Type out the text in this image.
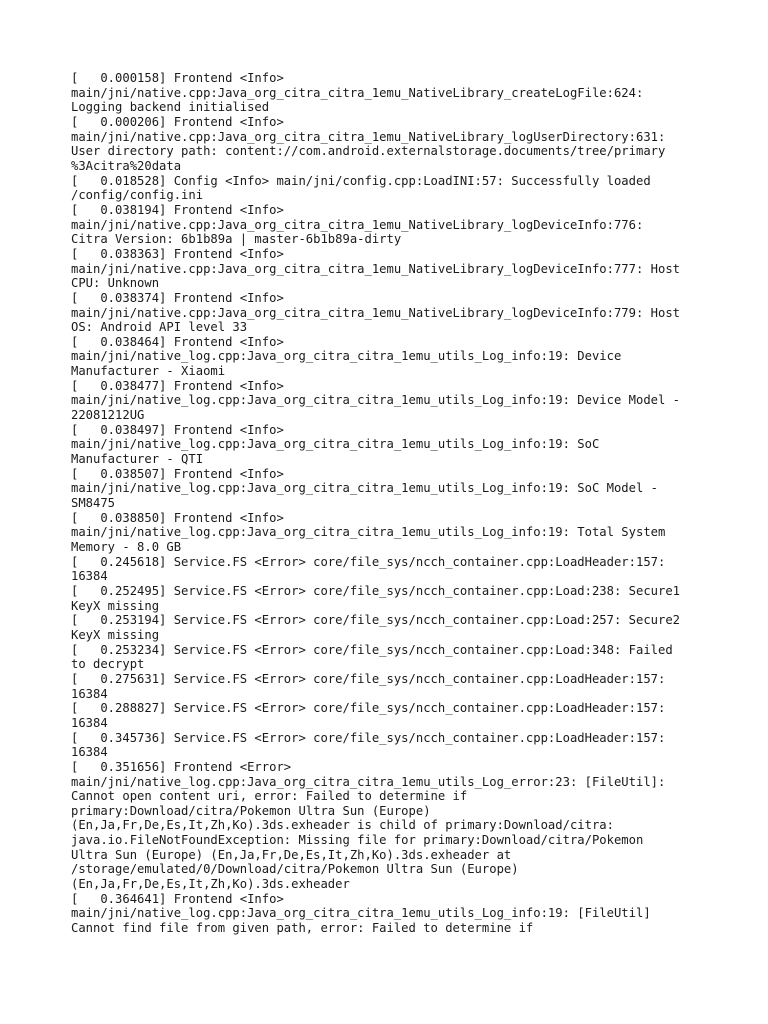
[   0.000158] Frontend <Info>

main/jni/native.cpp:Java_org_citra_citra_1emu_NativeLibrary_createLogFile:624:

Logging backend initialised

[   0.000206] Frontend <Info>

main/jni/native.cpp:Java_org_citra_citra_1emu_NativeLibrary_logUserDirectory:631:

User directory path: content://com.android.externalstorage.documents/tree/primary

%3Acitra%20data

[   0.018528] Config <Info> main/jni/config.cpp:LoadINI:57: Successfully loaded

/config/config.ini

[   0.038194] Frontend <Info>

main/jni/native.cpp:Java_org_citra_citra_1emu_NativeLibrary_logDeviceInfo:776:

Citra Version: 6b1b89a | master-6b1b89a-dirty

[   0.038363] Frontend <Info>

main/jni/native.cpp:Java_org_citra_citra_1emu_NativeLibrary_logDeviceInfo:777: Host

CPU: Unknown

[   0.038374] Frontend <Info>

main/jni/native.cpp:Java_org_citra_citra_1emu_NativeLibrary_logDeviceInfo:779: Host

OS: Android API level 33

[   0.038464] Frontend <Info>

main/jni/native_log.cpp:Java_org_citra_citra_1emu_utils_Log_info:19: Device

Manufacturer - Xiaomi

[   0.038477] Frontend <Info>

main/jni/native_log.cpp:Java_org_citra_citra_1emu_utils_Log_info:19: Device Model -

22081212UG

[   0.038497] Frontend <Info>

main/jni/native_log.cpp:Java_org_citra_citra_1emu_utils_Log_info:19: SoC

Manufacturer - QTI

[   0.038507] Frontend <Info>

main/jni/native_log.cpp:Java_org_citra_citra_1emu_utils_Log_info:19: SoC Model -

SM8475

[   0.038850] Frontend <Info>

main/jni/native_log.cpp:Java_org_citra_citra_1emu_utils_Log_info:19: Total System

Memory - 8.0 GB

[   0.245618] Service.FS <Error> core/file_sys/ncch_container.cpp:LoadHeader:157:

16384

[   0.252495] Service.FS <Error> core/file_sys/ncch_container.cpp:Load:238: Secure1

KeyX missing

[   0.253194] Service.FS <Error> core/file_sys/ncch_container.cpp:Load:257: Secure2

KeyX missing

[   0.253234] Service.FS <Error> core/file_sys/ncch_container.cpp:Load:348: Failed

to decrypt

[   0.275631] Service.FS <Error> core/file_sys/ncch_container.cpp:LoadHeader:157:

16384

[   0.288827] Service.FS <Error> core/file_sys/ncch_container.cpp:LoadHeader:157:

16384

[   0.345736] Service.FS <Error> core/file_sys/ncch_container.cpp:LoadHeader:157:

16384

[   0.351656] Frontend <Error>

main/jni/native_log.cpp:Java_org_citra_citra_1emu_utils_Log_error:23: [FileUtil]:

Cannot open content uri, error: Failed to determine if

primary:Download/citra/Pokemon Ultra Sun (Europe)

(En,Ja,Fr,De,Es,It,Zh,Ko).3ds.exheader is child of primary:Download/citra:

java.io.FileNotFoundException: Missing file for primary:Download/citra/Pokemon

Ultra Sun (Europe) (En,Ja,Fr,De,Es,It,Zh,Ko).3ds.exheader at

/storage/emulated/0/Download/citra/Pokemon Ultra Sun (Europe)

(En,Ja,Fr,De,Es,It,Zh,Ko).3ds.exheader

[   0.364641] Frontend <Info>

main/jni/native_log.cpp:Java_org_citra_citra_1emu_utils_Log_info:19: [FileUtil]

Cannot find file from given path, error: Failed to determine if
